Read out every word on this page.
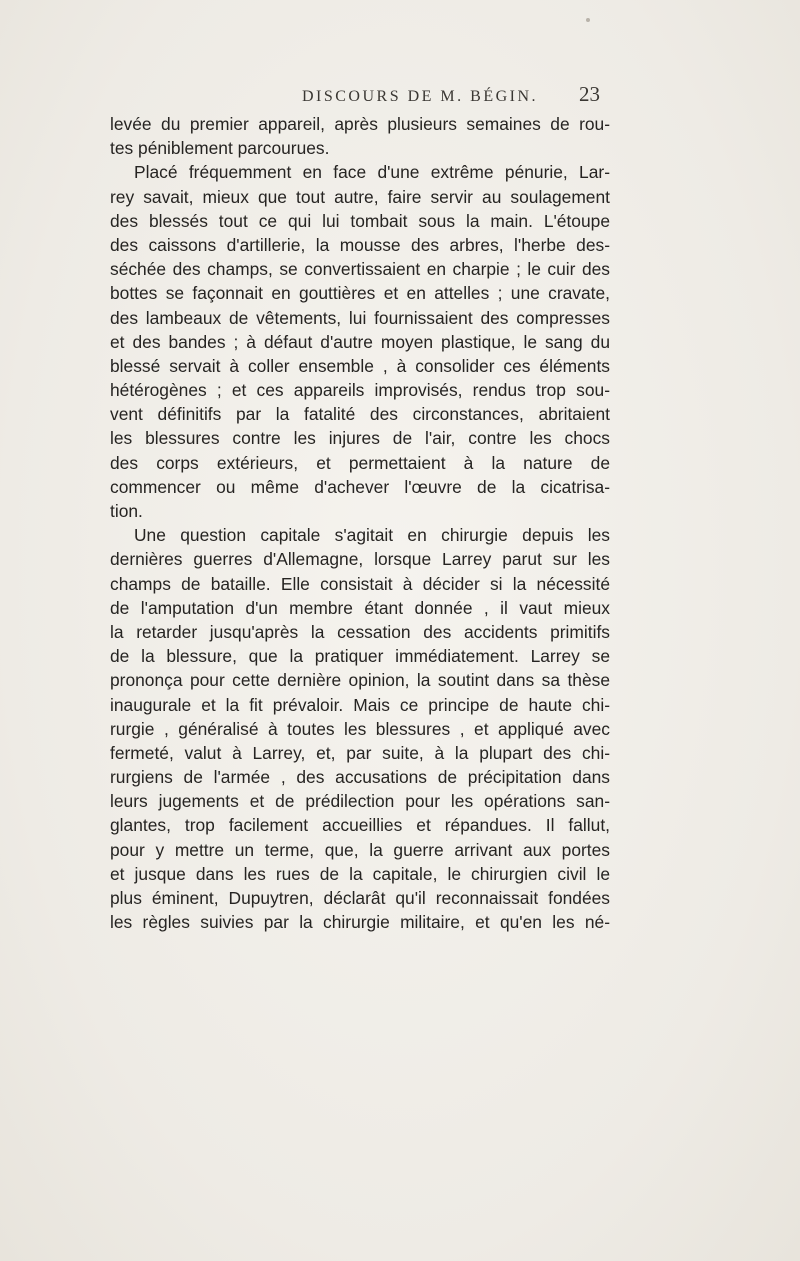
DISCOURS DE M. BÉGIN.	23
levée du premier appareil, après plusieurs semaines de rou-
tes péniblement parcourues.
Placé fréquemment en face d'une extrême pénurie, Lar-
rey savait, mieux que tout autre, faire servir au soulagement
des blessés tout ce qui lui tombait sous la main. L'étoupe
des caissons d'artillerie, la mousse des arbres, l'herbe des-
séchée des champs, se convertissaient en charpie ; le cuir des
bottes se façonnait en gouttières et en attelles ; une cravate,
des lambeaux de vêtements, lui fournissaient des compresses
et des bandes ; à défaut d'autre moyen plastique, le sang du
blessé servait à coller ensemble , à consolider ces éléments
hétérogènes ; et ces appareils improvisés, rendus trop sou-
vent définitifs par la fatalité des circonstances, abritaient
les blessures contre les injures de l'air, contre les chocs
des corps extérieurs, et permettaient à la nature de
commencer ou même d'achever l'œuvre de la cicatrisa-
tion.
Une question capitale s'agitait en chirurgie depuis les
dernières guerres d'Allemagne, lorsque Larrey parut sur les
champs de bataille. Elle consistait à décider si la nécessité
de l'amputation d'un membre étant donnée , il vaut mieux
la retarder jusqu'après la cessation des accidents primitifs
de la blessure, que la pratiquer immédiatement. Larrey se
prononça pour cette dernière opinion, la soutint dans sa thèse
inaugurale et la fit prévaloir. Mais ce principe de haute chi-
rurgie , généralisé à toutes les blessures , et appliqué avec
fermeté, valut à Larrey, et, par suite, à la plupart des chi-
rurgiens de l'armée , des accusations de précipitation dans
leurs jugements et de prédilection pour les opérations san-
glantes, trop facilement accueillies et répandues. Il fallut,
pour y mettre un terme, que, la guerre arrivant aux portes
et jusque dans les rues de la capitale, le chirurgien civil le
plus éminent, Dupuytren, déclarât qu'il reconnaissait fondées
les règles suivies par la chirurgie militaire, et qu'en les né-
